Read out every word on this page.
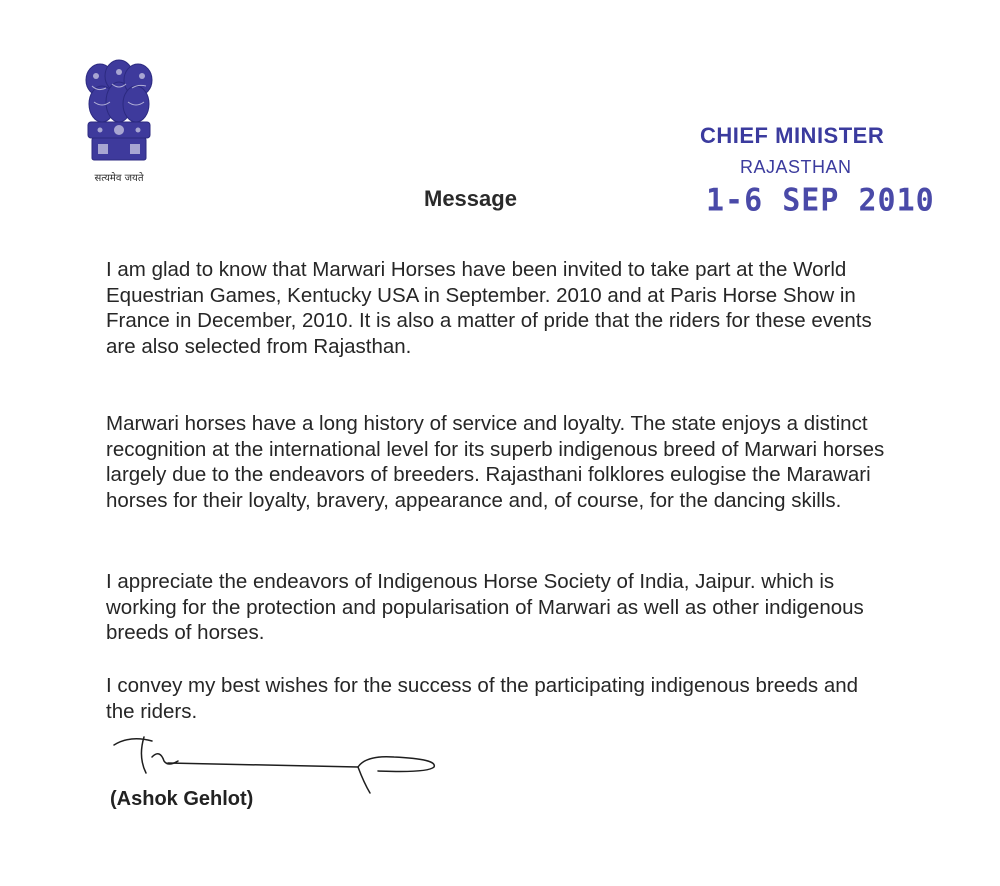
सत्यमेव जयते
CHIEF MINISTER
RAJASTHAN
1-6 SEP 2010
Message

I am glad to know that Marwari Horses have been invited to take part at the World Equestrian Games, Kentucky USA in September. 2010 and at Paris Horse Show in France in December, 2010. It is also a matter of pride that the riders for these events are also selected from Rajasthan.

Marwari horses have a long history of service and loyalty. The state enjoys a distinct recognition at the international level for its superb indigenous breed of Marwari horses largely due to the endeavors of breeders. Rajasthani folklores eulogise the Marawari horses for their loyalty, bravery, appearance and, of course, for the dancing skills.

I appreciate the endeavors of Indigenous Horse Society of India, Jaipur. which is working for the protection and popularisation of Marwari as well as other indigenous breeds of horses.

I convey my best wishes for the success of the participating indigenous breeds and the riders.

(Ashok Gehlot)
